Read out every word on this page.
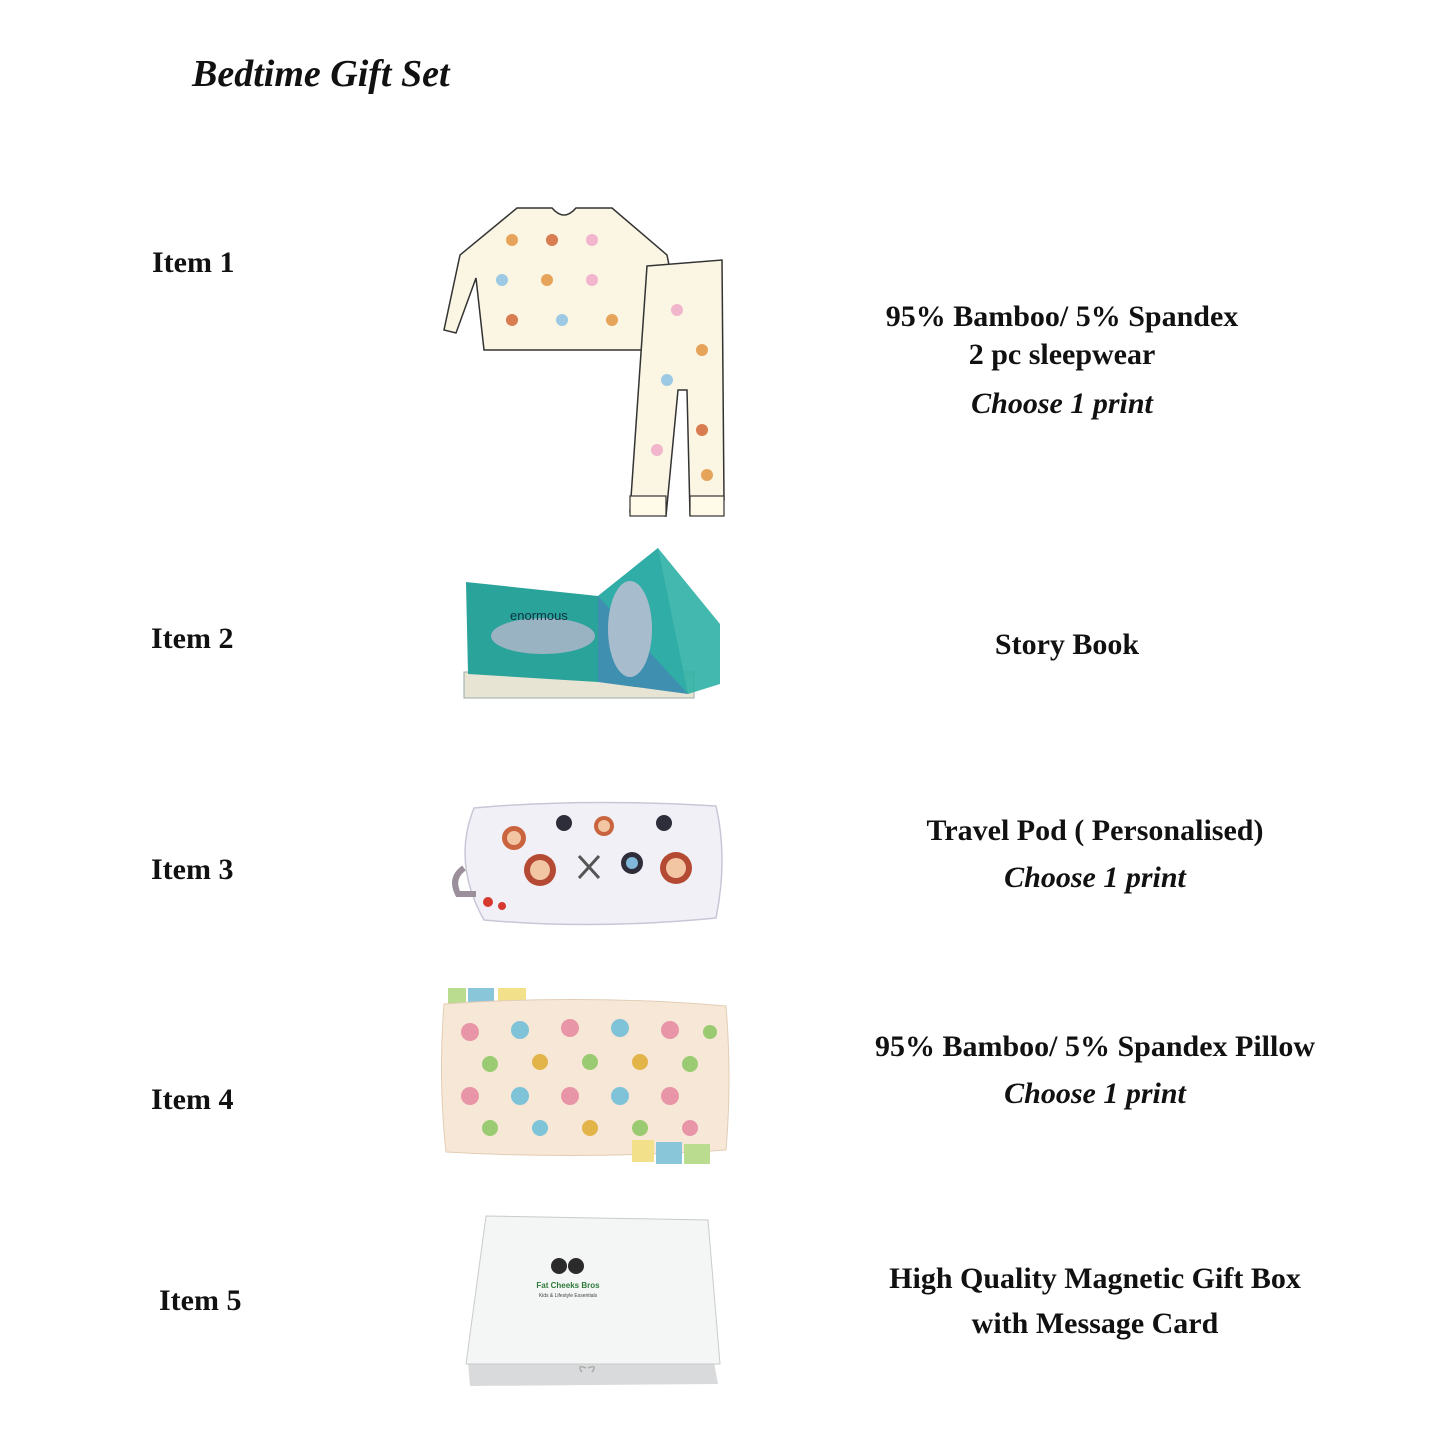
Bedtime Gift Set
Item 1
95% Bamboo/ 5% Spandex
2 pc sleepwear
Choose 1 print
Item 2
enormous
Story Book
Item 3
Travel Pod ( Personalised)
Choose 1 print
Item 4
95% Bamboo/ 5% Spandex Pillow
Choose 1 print
Item 5	Fat Cheeks Bros
Kids & Lifestyle Essentials
High Quality Magnetic Gift Box
with Message Card
